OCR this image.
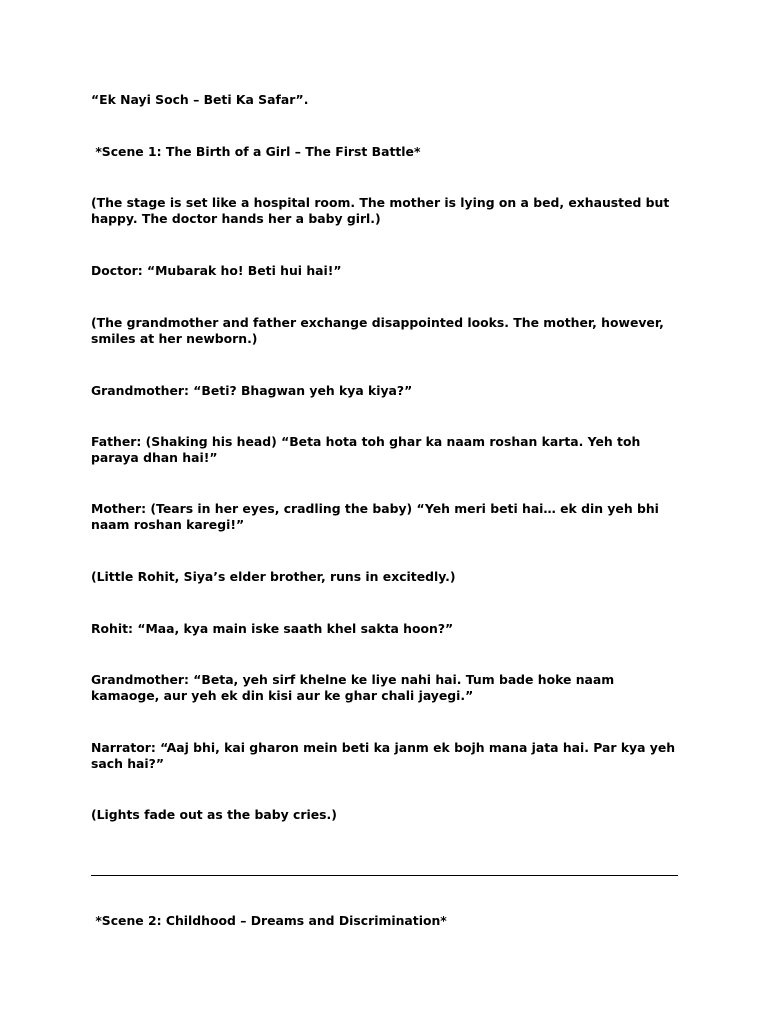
“Ek Nayi Soch – Beti Ka Safar”.
*Scene 1: The Birth of a Girl – The First Battle*
(The stage is set like a hospital room. The mother is lying on a bed, exhausted but happy. The doctor hands her a baby girl.)
Doctor: “Mubarak ho! Beti hui hai!”
(The grandmother and father exchange disappointed looks. The mother, however, smiles at her newborn.)
Grandmother: “Beti? Bhagwan yeh kya kiya?”
Father: (Shaking his head) “Beta hota toh ghar ka naam roshan karta. Yeh toh paraya dhan hai!”
Mother: (Tears in her eyes, cradling the baby) “Yeh meri beti hai… ek din yeh bhi naam roshan karegi!”
(Little Rohit, Siya’s elder brother, runs in excitedly.)
Rohit: “Maa, kya main iske saath khel sakta hoon?”
Grandmother: “Beta, yeh sirf khelne ke liye nahi hai. Tum bade hoke naam kamaoge, aur yeh ek din kisi aur ke ghar chali jayegi.”
Narrator: “Aaj bhi, kai gharon mein beti ka janm ek bojh mana jata hai. Par kya yeh sach hai?”
(Lights fade out as the baby cries.)
*Scene 2: Childhood – Dreams and Discrimination*
